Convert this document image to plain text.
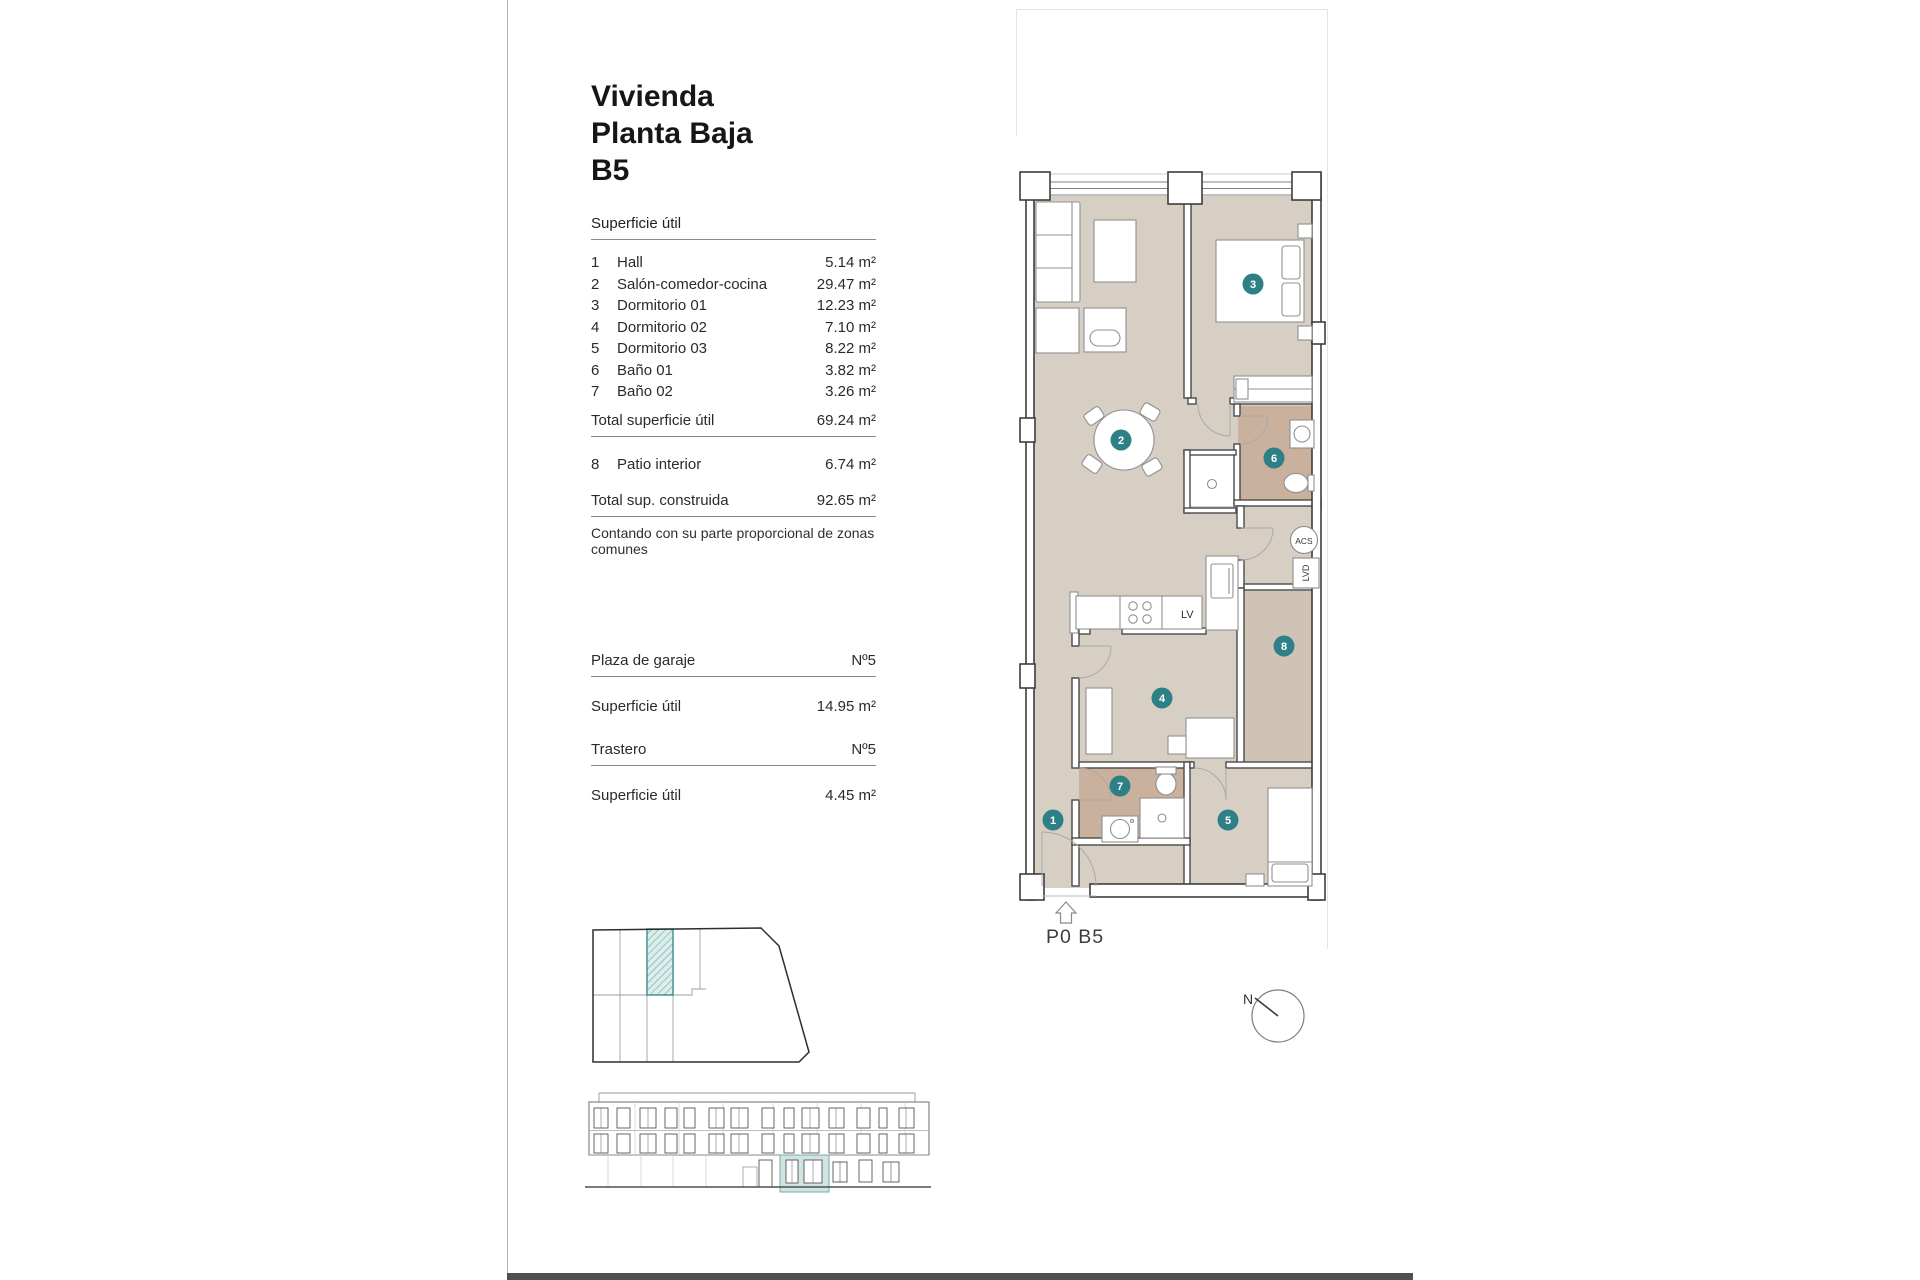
Vivienda
Planta Baja
B5
Superficie útil
1	Hall	5.14 m²
2	Salón-comedor-cocina	29.47 m²
3	Dormitorio 01	12.23 m²
4	Dormitorio 02	7.10 m²
5	Dormitorio 03	8.22 m²
6	Baño 01	3.82 m²
7	Baño 02	3.26 m²
Total superficie útil	69.24 m²
8	Patio interior	6.74 m²
Total sup. construida	92.65 m²
Contando con su parte proporcional de zonas comunes
Plaza de garaje	Nº5
Superficie útil	14.95 m²
Trastero	Nº5
Superficie útil	4.45 m²
ACS
LVD
LV
1
2
3
4
5
6
7
8
P0 B5
N
